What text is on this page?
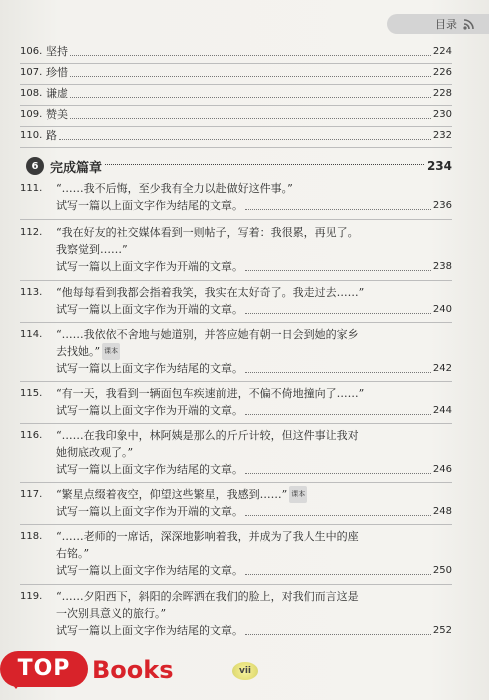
目录
106. 坚持	224
107. 珍惜	226
108. 谦虚	228
109. 赞美	230
110. 路	232
6 完成篇章	234
111.	“……我不后悔，至少我有全力以赴做好这件事。”
试写一篇以上面文字作为结尾的文章。	236
112.	“我在好友的社交媒体看到一则帖子，写着：我很累，再见了。
我察觉到……”
试写一篇以上面文字作为开端的文章。	238
113.	“他每每看到我都会指着我笑，我实在太好奇了。我走过去……”
试写一篇以上面文字作为开端的文章。	240
114.	“……我依依不舍地与她道别，并答应她有朝一日会到她的家乡
去找她。” 课本
试写一篇以上面文字作为结尾的文章。	242
115.	“有一天，我看到一辆面包车疾速前进，不偏不倚地撞向了……”
试写一篇以上面文字作为开端的文章。	244
116.	“……在我印象中，林阿姨是那么的斤斤计较，但这件事让我对
她彻底改观了。”
试写一篇以上面文字作为结尾的文章。	246
117.	“繁星点缀着夜空，仰望这些繁星，我感到……” 课本
试写一篇以上面文字作为开端的文章。	248
118.	“……老师的一席话，深深地影响着我，并成为了我人生中的座
右铭。”
试写一篇以上面文字作为结尾的文章。	250
119.	“……夕阳西下，斜阳的余晖洒在我们的脸上，对我们而言这是
一次别具意义的旅行。”
试写一篇以上面文字作为结尾的文章。	252
vii
TOP Books
